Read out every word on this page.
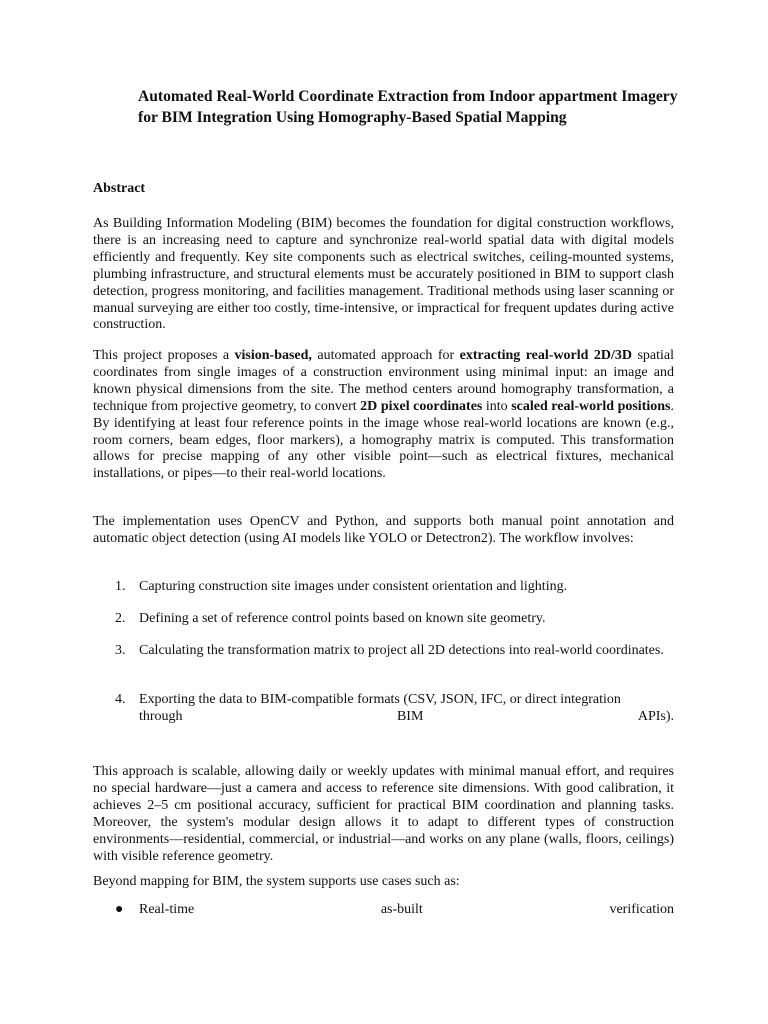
Automated Real-World Coordinate Extraction from Indoor appartment Imagery for BIM Integration Using Homography-Based Spatial Mapping

Abstract

As Building Information Modeling (BIM) becomes the foundation for digital construction workflows, there is an increasing need to capture and synchronize real-world spatial data with digital models efficiently and frequently. Key site components such as electrical switches, ceiling-mounted systems, plumbing infrastructure, and structural elements must be accurately positioned in BIM to support clash detection, progress monitoring, and facilities management. Traditional methods using laser scanning or manual surveying are either too costly, time-intensive, or impractical for frequent updates during active construction.

This project proposes a vision-based, automated approach for extracting real-world 2D/3D spatial coordinates from single images of a construction environment using minimal input: an image and known physical dimensions from the site. The method centers around homography transformation, a technique from projective geometry, to convert 2D pixel coordinates into scaled real-world positions. By identifying at least four reference points in the image whose real-world locations are known (e.g., room corners, beam edges, floor markers), a homography matrix is computed. This transformation allows for precise mapping of any other visible point—such as electrical fixtures, mechanical installations, or pipes—to their real-world locations.

The implementation uses OpenCV and Python, and supports both manual point annotation and automatic object detection (using AI models like YOLO or Detectron2). The workflow involves:

1. Capturing construction site images under consistent orientation and lighting.
2. Defining a set of reference control points based on known site geometry.
3. Calculating the transformation matrix to project all 2D detections into real-world coordinates.
4. Exporting the data to BIM-compatible formats (CSV, JSON, IFC, or direct integration
through	BIM	APIs).

This approach is scalable, allowing daily or weekly updates with minimal manual effort, and requires no special hardware—just a camera and access to reference site dimensions. With good calibration, it achieves 2–5 cm positional accuracy, sufficient for practical BIM coordination and planning tasks. Moreover, the system's modular design allows it to adapt to different types of construction environments—residential, commercial, or industrial—and works on any plane (walls, floors, ceilings) with visible reference geometry.

Beyond mapping for BIM, the system supports use cases such as:

● Real-time	as-built	verification
